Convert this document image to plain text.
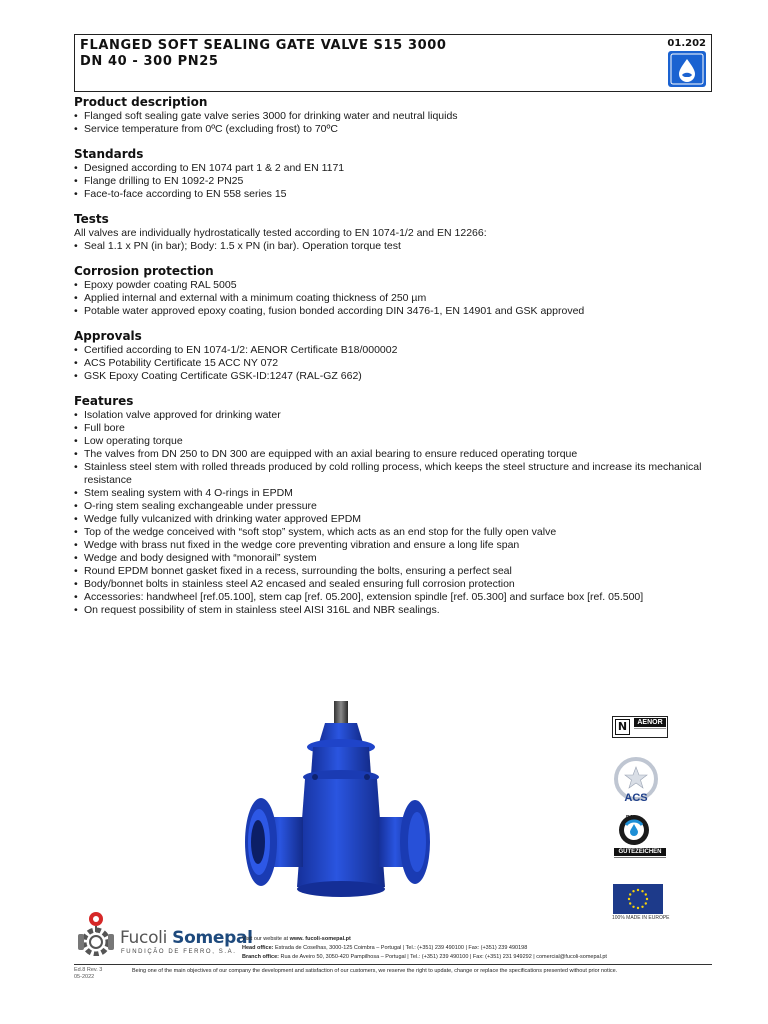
FLANGED SOFT SEALING GATE VALVE S15 3000
DN 40 - 300 PN25
01.202
Product description
• Flanged soft sealing gate valve series 3000 for drinking water and neutral liquids
• Service temperature from 0ºC (excluding frost) to 70ºC
Standards
• Designed according to EN 1074 part 1 & 2 and EN 1171
• Flange drilling to EN 1092-2 PN25
• Face-to-face according to EN 558 series 15
Tests
All valves are individually hydrostatically tested according to EN 1074-1/2 and EN 12266:
• Seal 1.1 x PN (in bar); Body: 1.5 x PN (in bar). Operation torque test
Corrosion protection
• Epoxy powder coating RAL 5005
• Applied internal and external with a minimum coating thickness of 250 µm
• Potable water approved epoxy coating, fusion bonded according DIN 3476-1, EN 14901 and GSK approved
Approvals
• Certified according to EN 1074-1/2: AENOR Certificate B18/000002
• ACS Potability Certificate 15 ACC NY 072
• GSK Epoxy Coating Certificate GSK-ID:1247 (RAL-GZ 662)
Features
• Isolation valve approved for drinking water
• Full bore
• Low operating torque
• The valves from DN 250 to DN 300 are equipped with an axial bearing to ensure reduced operating torque
• Stainless steel stem with rolled threads produced by cold rolling process, which keeps the steel structure and increase its mechanical resistance
• Stem sealing system with 4 O-rings in EPDM
• O-ring stem sealing exchangeable under pressure
• Wedge fully vulcanized with drinking water approved EPDM
• Top of the wedge conceived with “soft stop” system, which acts as an end stop for the fully open valve
• Wedge with brass nut fixed in the wedge core preventing vibration and ensure a long life span
• Wedge and body designed with “monorail” system
• Round EPDM bonnet gasket fixed in a recess, surrounding the bolts, ensuring a perfect seal
• Body/bonnet bolts in stainless steel A2 encased and sealed ensuring full corrosion protection
• Accessories: handwheel [ref.05.100], stem cap [ref. 05.200], extension spindle [ref. 05.300] and surface box [ref. 05.500]
• On request possibility of stem in stainless steel AISI 316L and NBR sealings.
N	AENOR
ACS
RAL
GÜTEZEICHEN
100% MADE IN EUROPE
Fucoli Somepal
FUNDIÇÃO DE FERRO, S.A.
Visit our website at www. fucoli-somepal.pt
Head office: Estrada de Coselhas, 3000-125 Coimbra – Portugal | Tel.: (+351) 239 490100 | Fax: (+351) 239 490198
Branch office: Rua de Aveiro 50, 3050-420 Pampilhosa – Portugal | Tel.: (+351) 239 490100 | Fax: (+351) 231 949292 | comercial@fucoli-somepal.pt
Ed.8 Rev. 3
05-2022
Being one of the main objectives of our company the development and satisfaction of our customers, we reserve the right to update, change or replace the specifications presented without prior notice.
